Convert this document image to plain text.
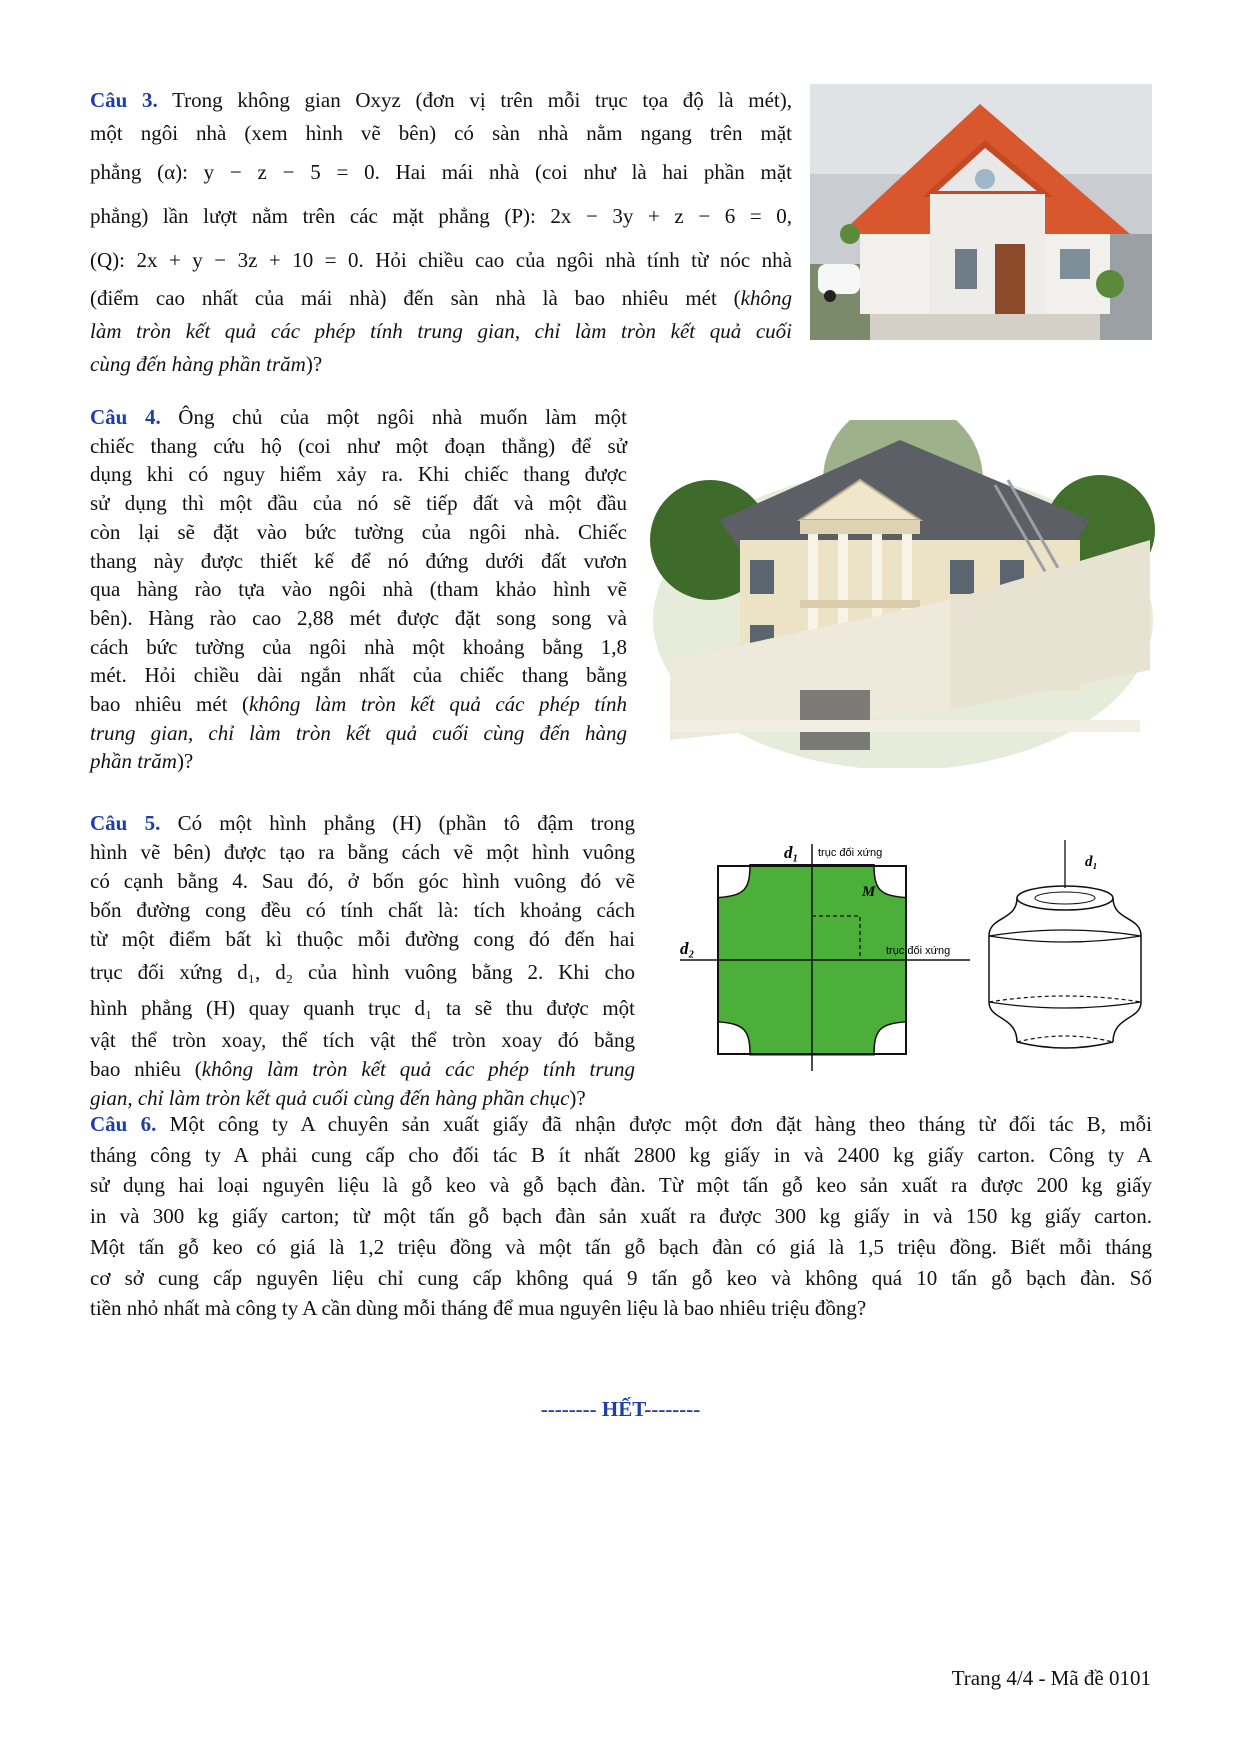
Câu 3. Trong không gian Oxyz (đơn vị trên mỗi trục tọa độ là mét),
một ngôi nhà (xem hình vẽ bên) có sàn nhà nằm ngang trên mặt
phẳng (α): y − z − 5 = 0. Hai mái nhà (coi như là hai phần mặt
phẳng) lần lượt nằm trên các mặt phẳng (P): 2x − 3y + z − 6 = 0,
(Q): 2x + y − 3z + 10 = 0. Hỏi chiều cao của ngôi nhà tính từ nóc nhà
(điểm cao nhất của mái nhà) đến sàn nhà là bao nhiêu mét (không
làm tròn kết quả các phép tính trung gian, chỉ làm tròn kết quả cuối
cùng đến hàng phần trăm)?
Câu 4. Ông chủ của một ngôi nhà muốn làm một
chiếc thang cứu hộ (coi như một đoạn thẳng) để sử
dụng khi có nguy hiểm xảy ra. Khi chiếc thang được
sử dụng thì một đầu của nó sẽ tiếp đất và một đầu
còn lại sẽ đặt vào bức tường của ngôi nhà. Chiếc
thang này được thiết kế để nó đứng dưới đất vươn
qua hàng rào tựa vào ngôi nhà (tham khảo hình vẽ
bên). Hàng rào cao 2,88 mét được đặt song song và
cách bức tường của ngôi nhà một khoảng bằng 1,8
mét. Hỏi chiều dài ngắn nhất của chiếc thang bằng
bao nhiêu mét (không làm tròn kết quả các phép tính
trung gian, chỉ làm tròn kết quả cuối cùng đến hàng
phần trăm)?
Câu 5. Có một hình phẳng (H) (phần tô đậm trong
hình vẽ bên) được tạo ra bằng cách vẽ một hình vuông
có cạnh bằng 4. Sau đó, ở bốn góc hình vuông đó vẽ
bốn đường cong đều có tính chất là: tích khoảng cách
từ một điểm bất kì thuộc mỗi đường cong đó đến hai
trục đối xứng d₁, d₂ của hình vuông bằng 2. Khi cho
hình phẳng (H) quay quanh trục d₁ ta sẽ thu được một
vật thể tròn xoay, thể tích vật thể tròn xoay đó bằng
bao nhiêu (không làm tròn kết quả các phép tính trung
gian, chỉ làm tròn kết quả cuối cùng đến hàng phần chục)?
d₁ trục đối xứng
d₂	trục đối xứng
M
d₁
Câu 6. Một công ty A chuyên sản xuất giấy đã nhận được một đơn đặt hàng theo tháng từ đối tác B, mỗi
tháng công ty A phải cung cấp cho đối tác B ít nhất 2800 kg giấy in và 2400 kg giấy carton. Công ty A
sử dụng hai loại nguyên liệu là gỗ keo và gỗ bạch đàn. Từ một tấn gỗ keo sản xuất ra được 200 kg giấy
in và 300 kg giấy carton; từ một tấn gỗ bạch đàn sản xuất ra được 300 kg giấy in và 150 kg giấy carton.
Một tấn gỗ keo có giá là 1,2 triệu đồng và một tấn gỗ bạch đàn có giá là 1,5 triệu đồng. Biết mỗi tháng
cơ sở cung cấp nguyên liệu chỉ cung cấp không quá 9 tấn gỗ keo và không quá 10 tấn gỗ bạch đàn. Số
tiền nhỏ nhất mà công ty A cần dùng mỗi tháng để mua nguyên liệu là bao nhiêu triệu đồng?
-------- HẾT--------
Trang 4/4 - Mã đề 0101
